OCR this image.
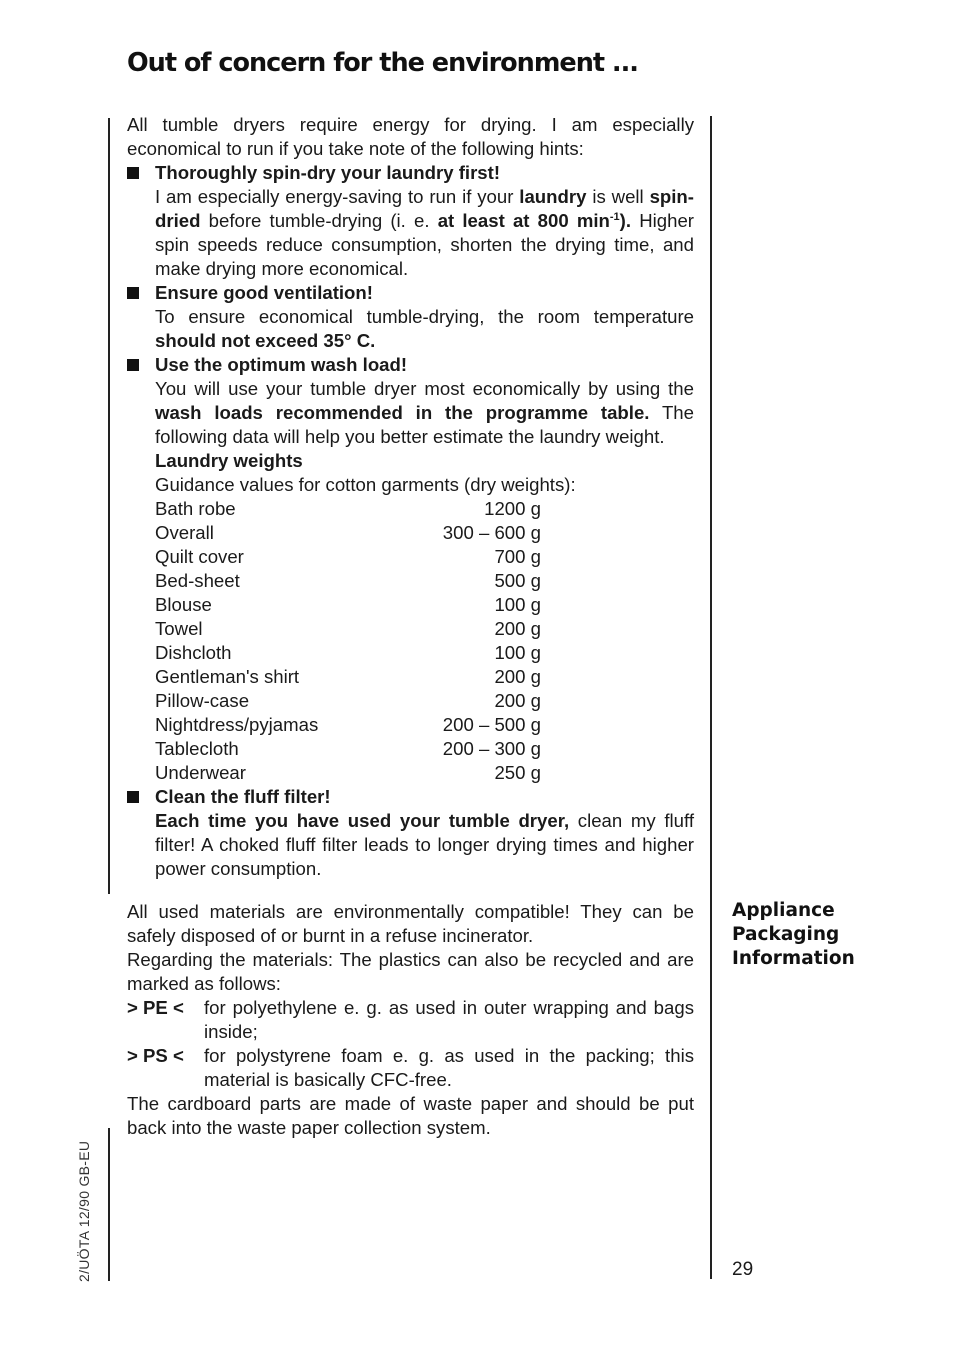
Out of concern for the environment ...

All tumble dryers require energy for drying. I am especially economical to run if you take note of the following hints:

Thoroughly spin-dry your laundry first!

I am especially energy-saving to run if your laundry is well spin-dried before tumble-drying (i. e. at least at 800 $\min^{-1}$). Higher spin speeds reduce consumption, shorten the drying time, and make drying more economical.

Ensure good ventilation!

To ensure economical tumble-drying, the room temperature should not exceed 35° C.

Use the optimum wash load!

You will use your tumble dryer most economically by using the wash loads recommended in the programme table. The following data will help you better estimate the laundry weight.

Laundry weights

Guidance values for cotton garments (dry weights):

Bath robe	1200 g
Overall	300 – 600 g
Quilt cover	700 g
Bed-sheet	500 g
Blouse	100 g
Towel	200 g
Dishcloth	100 g
Gentleman's shirt	200 g
Pillow-case	200 g
Nightdress/pyjamas	200 – 500 g
Tablecloth	200 – 300 g
Underwear	250 g
Clean the fluff filter!

Each time you have used your tumble dryer, clean my fluff filter! A choked fluff filter leads to longer drying times and higher power consumption.

All used materials are environmentally compatible! They can be safely disposed of or burnt in a refuse incinerator.

Regarding the materials: The plastics can also be recycled and are marked as follows:

> PE <	for polyethylene e. g. as used in outer wrapping and bags inside;
> PS <	for polystyrene foam e. g. as used in the packing; this material is basically CFC-free.

The cardboard parts are made of waste paper and should be put back into the waste paper collection system.

Appliance
Packaging
Information
29
2/UÖTA 12/90 GB-EU
